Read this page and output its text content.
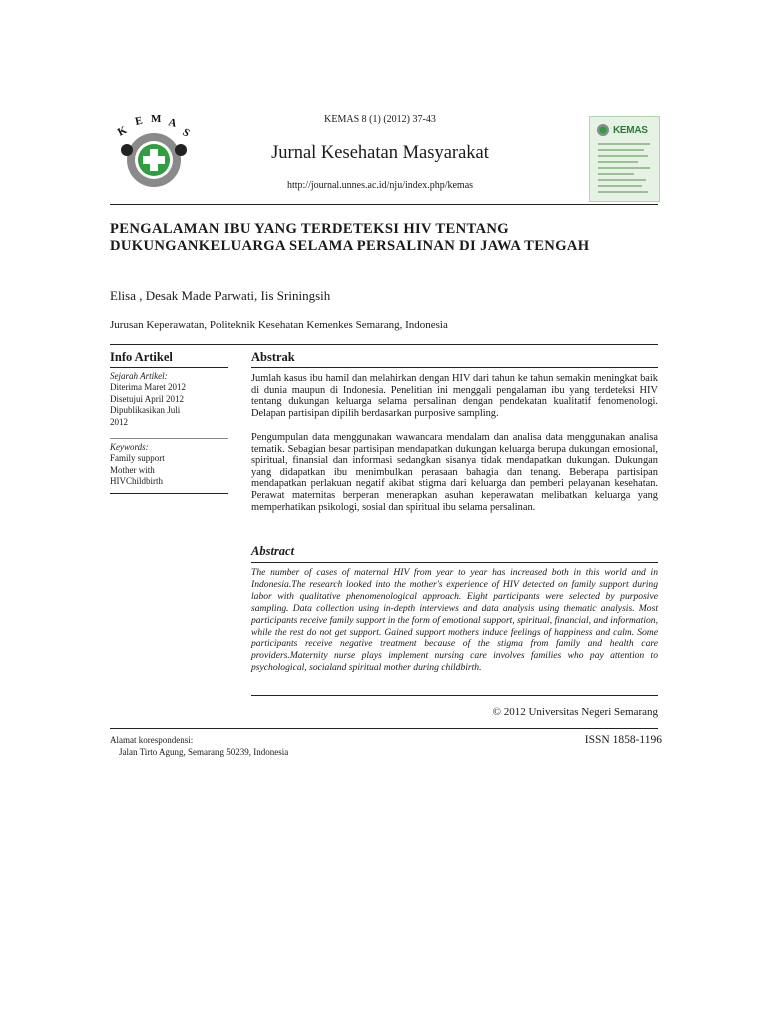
K
E M A
S
KEMAS 8 (1) (2012) 37-43
Jurnal Kesehatan Masyarakat
http://journal.unnes.ac.id/nju/index.php/kemas
KEMAS
PENGALAMAN IBU YANG TERDETEKSI HIV TENTANG DUKUNGANKELUARGA SELAMA PERSALINAN DI JAWA TENGAH
Elisa , Desak Made Parwati, Iis Sriningsih
Jurusan Keperawatan, Politeknik Kesehatan Kemenkes Semarang, Indonesia
Info Artikel
Sejarah Artikel:
Diterima Maret 2012
Disetujui April 2012
Dipublikasikan Juli
2012
Keywords:
Family support
Mother with
HIVChildbirth
Abstrak
Jumlah kasus ibu hamil dan melahirkan dengan HIV dari tahun ke tahun semakin meningkat baik di dunia maupun di Indonesia. Penelitian ini menggali pengalaman ibu yang terdeteksi HIV tentang dukungan keluarga selama persalinan dengan pendekatan kualitatif fenomenologi. Delapan partisipan dipilih berdasarkan purposive sampling.
Pengumpulan data menggunakan wawancara mendalam dan analisa data menggunakan analisa tematik. Sebagian besar partisipan mendapatkan dukungan keluarga berupa dukungan emosional, spiritual, finansial dan informasi sedangkan sisanya tidak mendapatkan dukungan. Dukungan yang didapatkan ibu menimbulkan perasaan bahagia dan tenang. Beberapa partisipan mendapatkan perlakuan negatif akibat stigma dari keluarga dan pemberi pelayanan kesehatan. Perawat maternitas berperan menerapkan asuhan keperawatan melibatkan keluarga yang memperhatikan psikologi, sosial dan spiritual ibu selama persalinan.
Abstract
The number of cases of maternal HIV from year to year has increased both in this world and in Indonesia.The research looked into the mother's experience of HIV detected on family support during labor with qualitative phenomenological approach. Eight participants were selected by purposive sampling. Data collection using in-depth interviews and data analysis using thematic analysis. Most participants receive family support in the form of emotional support, spiritual, financial, and information, while the rest do not get support. Gained support mothers induce feelings of happiness and calm. Some participants receive negative treatment because of the stigma from family and health care providers.Maternity nurse plays implement nursing care involves families who pay attention to psychological, socialand spiritual mother during childbirth.
© 2012 Universitas Negeri Semarang
Alamat korespondensi:
Jalan Tirto Agung, Semarang 50239, Indonesia
ISSN 1858-1196
